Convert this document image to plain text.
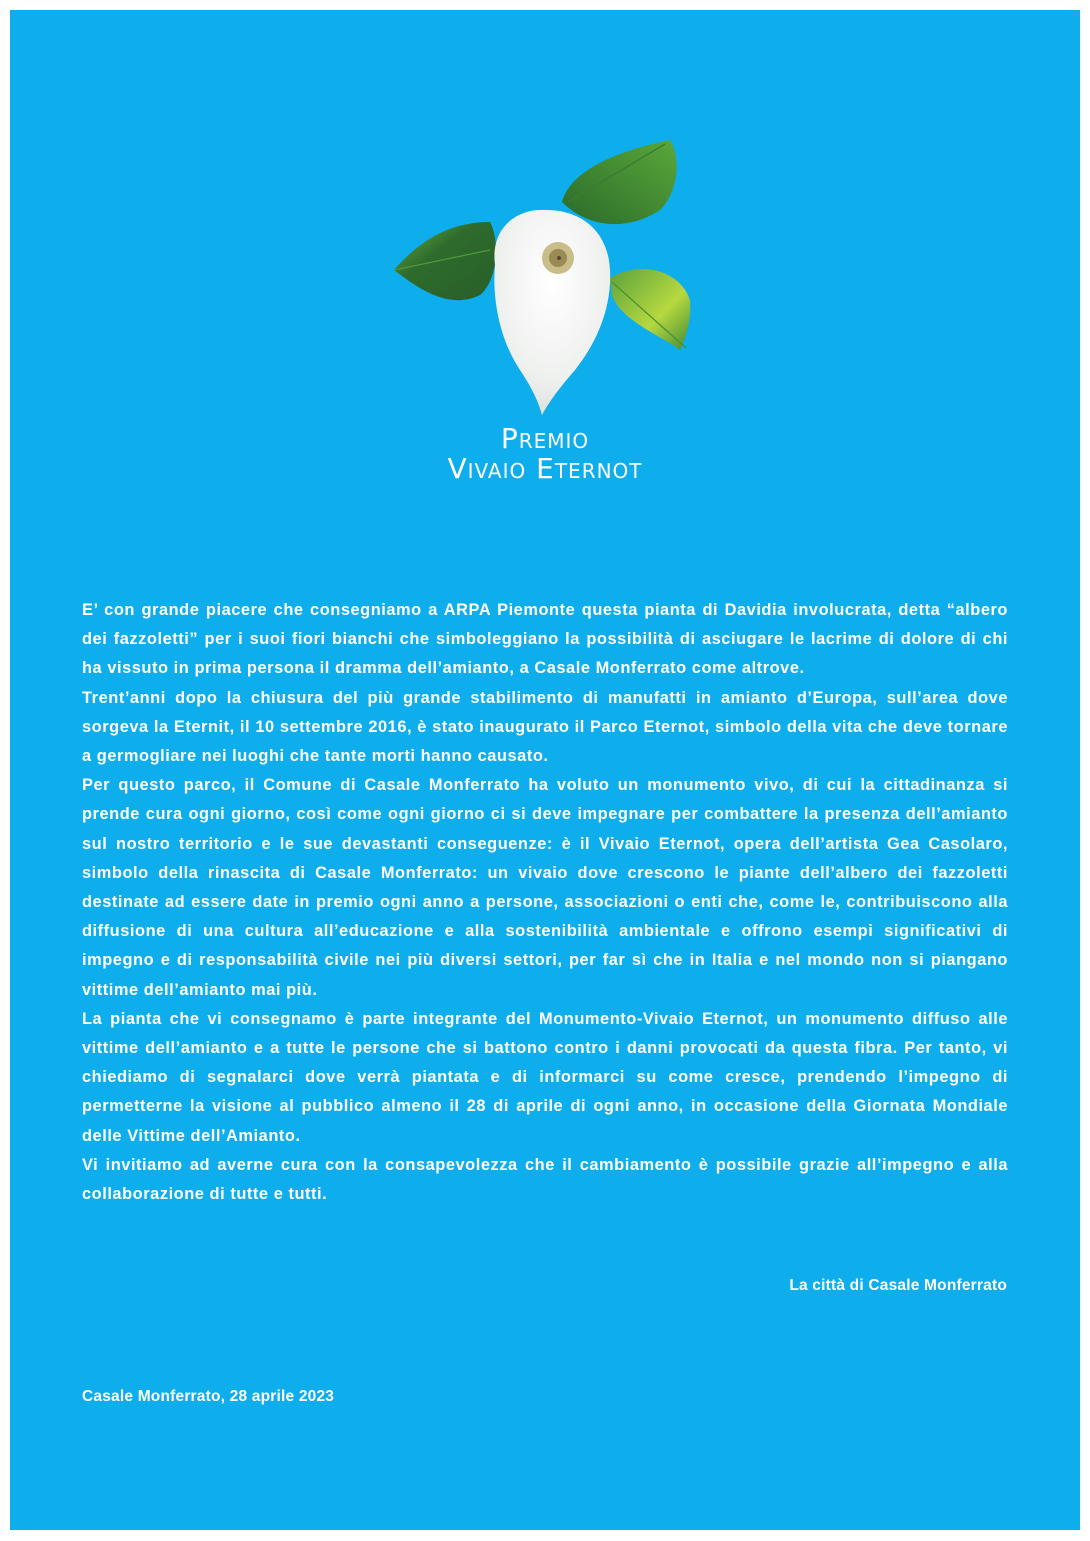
Premio
Vivaio Eternot

E’ con grande piacere che consegniamo a ARPA Piemonte questa pianta di Davidia involucrata, detta “albero dei fazzoletti” per i suoi fiori bianchi che simboleggiano la possibilità di asciugare le lacrime di dolore di chi ha vissuto in prima persona il dramma dell’amianto, a Casale Monferrato come altrove.

Trent’anni dopo la chiusura del più grande stabilimento di manufatti in amianto d’Europa, sull’area dove sorgeva la Eternit, il 10 settembre 2016, è stato inaugurato il Parco Eternot, simbolo della vita che deve tornare a germogliare nei luoghi che tante morti hanno causato.

Per questo parco, il Comune di Casale Monferrato ha voluto un monumento vivo, di cui la cittadinanza si prende cura ogni giorno, così come ogni giorno ci si deve impegnare per combattere la presenza dell’amianto sul nostro territorio e le sue devastanti conseguenze: è il Vivaio Eternot, opera dell’artista Gea Casolaro, simbolo della rinascita di Casale Monferrato: un vivaio dove crescono le piante dell’albero dei fazzoletti destinate ad essere date in premio ogni anno a persone, associazioni o enti che, come le, contribuiscono alla diffusione di una cultura all’educazione e alla sostenibilità ambientale e offrono esempi significativi di impegno e di responsabilità civile nei più diversi settori, per far sì che in Italia e nel mondo non si piangano vittime dell’amianto mai più.

La pianta che vi consegnamo è parte integrante del Monumento-Vivaio Eternot, un monumento diffuso alle vittime dell’amianto e a tutte le persone che si battono contro i danni provocati da questa fibra. Per tanto, vi chiediamo di segnalarci dove verrà piantata e di informarci su come cresce, prendendo l’impegno di permetterne la visione al pubblico almeno il 28 di aprile di ogni anno, in occasione della Giornata Mondiale delle Vittime dell’Amianto.

Vi invitiamo ad averne cura con la consapevolezza che il cambiamento è possibile grazie all’impegno e alla collaborazione di tutte e tutti.

La città di Casale Monferrato
Casale Monferrato, 28 aprile 2023
